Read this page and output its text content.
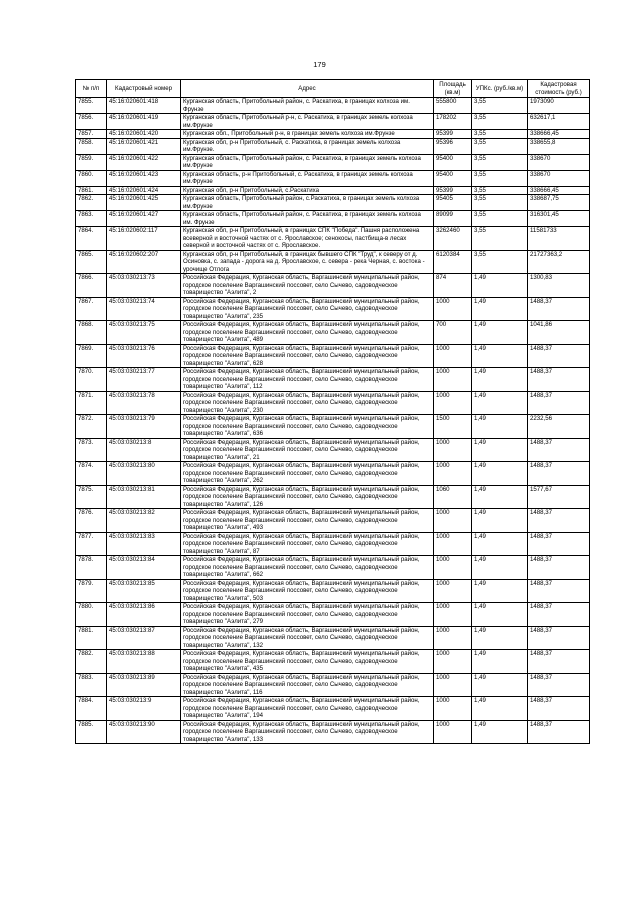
179
№ п/п	Кадастровый номер	Адрес	Площадь (кв.м)	УПКс. (руб./кв.м)	Кадастровая стоимость (руб.)
7855.	45:16:020601:418	Курганская область, Притобольный район, с. Раскатиха, в границах колхоза им. Фрунзе	555800	3,55	1973090
7856.	45:16:020601:419	Курганская область, Притобольный р-н, с. Раскатиха, в границах земель колхоза им.Фрунзе	178202	3,55	632617,1
7857.	45:16:020601:420	Курганская обл., Притобольный р-н, в границах земель колхоза им.Фрунзе	95399	3,55	338666,45
7858.	45:16:020601:421	Курганская обл, р-н Притобольный, с. Раскатиха, в границах земель колхоза им.Фрунзе.	95396	3,55	338655,8
7859.	45:16:020601:422	Курганская область, Притобольный район, с. Раскатиха, в границах земель колхоза им.Фрунзе	95400	3,55	338670
7860.	45:16:020601:423	Курганская область, р-н Притобольный, с. Раскатиха, в границах земель колхоза им.Фрунзе	95400	3,55	338670
7861.	45:16:020601:424	Курганская обл, р-н Притобольный, с.Раскатиха	95399	3,55	338666,45
7862.	45:16:020601:425	Курганская область, Притобольный район, с.Раскатиха, в границах земель колхоза им.Фрунзе	95405	3,55	338687,75
7863.	45:16:020601:427	Курганская область, Притобольный район, с. Раскатиха, в границах земель колхоза им. Фрунзе	89099	3,55	316301,45
7864.	45:16:020602:117	Курганская обл, р-н Притобольный, в границах СПК "Победа". Пашня расположена всеверной и восточной частях от с. Ярославское; сенокосы, пастбища-в лесах северной и восточной частях от с. Ярославское.	3262460	3,55	11581733
7865.	45:16:020602:207	Курганская обл, р-н Притобольный, в границах бывшего СПК "Труд", к северу от д. Осиновка, с. запада - дорога на д. Ярославское, с. севера - река Черная, с. востока - урочище Отлога	6120384	3,55	21727363,2
7866.	45:03:030213:73	Российская Федерация, Курганская область, Варгашинский муниципальный район, городское поселение Варгашинский поссовет, село Сычево, садоводческое товарищество "Аэлита", 2	874	1,49	1300,83
7867.	45:03:030213:74	Российская Федерация, Курганская область, Варгашинский муниципальный район, городское поселение Варгашинский поссовет, село Сычево, садоводческое товарищество "Аэлита", 235	1000	1,49	1488,37
7868.	45:03:030213:75	Российская Федерация, Курганская область, Варгашинский муниципальный район, городское поселение Варгашинский поссовет, село Сычево, садоводческое товарищество "Аэлита", 489	700	1,49	1041,86
7869.	45:03:030213:76	Российская Федерация, Курганская область, Варгашинский муниципальный район, городское поселение Варгашинский поссовет, село Сычево, садоводческое товарищество "Аэлита", 628	1000	1,49	1488,37
7870.	45:03:030213:77	Российская Федерация, Курганская область, Варгашинский муниципальный район, городское поселение Варгашинский поссовет, село Сычево, садоводческое товарищество "Аэлита", 112	1000	1,49	1488,37
7871.	45:03:030213:78	Российская Федерация, Курганская область, Варгашинский муниципальный район, городское поселение Варгашинский поссовет, село Сычево, садоводческое товарищество "Аэлита", 230	1000	1,49	1488,37
7872.	45:03:030213:79	Российская Федерация, Курганская область, Варгашинский муниципальный район, городское поселение Варгашинский поссовет, село Сычево, садоводческое товарищество "Аэлита", 636	1500	1,49	2232,56
7873.	45:03:030213:8	Российская Федерация, Курганская область, Варгашинский муниципальный район, городское поселение Варгашинский поссовет, село Сычево, садоводческое товарищество "Аэлита", 21	1000	1,49	1488,37
7874.	45:03:030213:80	Российская Федерация, Курганская область, Варгашинский муниципальный район, городское поселение Варгашинский поссовет, село Сычево, садоводческое товарищество "Аэлита", 262	1000	1,49	1488,37
7875.	45:03:030213:81	Российская Федерация, Курганская область, Варгашинский муниципальный район, городское поселение Варгашинский поссовет, село Сычево, садоводческое товарищество "Аэлита", 126	1060	1,49	1577,67
7876.	45:03:030213:82	Российская Федерация, Курганская область, Варгашинский муниципальный район, городское поселение Варгашинский поссовет, село Сычево, садоводческое товарищество "Аэлита", 493	1000	1,49	1488,37
7877.	45:03:030213:83	Российская Федерация, Курганская область, Варгашинский муниципальный район, городское поселение Варгашинский поссовет, село Сычево, садоводческое товарищество "Аэлита", 87	1000	1,49	1488,37
7878.	45:03:030213:84	Российская Федерация, Курганская область, Варгашинский муниципальный район, городское поселение Варгашинский поссовет, село Сычево, садоводческое товарищество "Аэлита", 662	1000	1,49	1488,37
7879.	45:03:030213:85	Российская Федерация, Курганская область, Варгашинский муниципальный район, городское поселение Варгашинский поссовет, село Сычево, садоводческое товарищество "Аэлита", 503	1000	1,49	1488,37
7880.	45:03:030213:86	Российская Федерация, Курганская область, Варгашинский муниципальный район, городское поселение Варгашинский поссовет, село Сычево, садоводческое товарищество "Аэлита", 279	1000	1,49	1488,37
7881.	45:03:030213:87	Российская Федерация, Курганская область, Варгашинский муниципальный район, городское поселение Варгашинский поссовет, село Сычево, садоводческое товарищество "Аэлита", 132	1000	1,49	1488,37
7882.	45:03:030213:88	Российская Федерация, Курганская область, Варгашинский муниципальный район, городское поселение Варгашинский поссовет, село Сычево, садоводческое товарищество "Аэлита", 435	1000	1,49	1488,37
7883.	45:03:030213:89	Российская Федерация, Курганская область, Варгашинский муниципальный район, городское поселение Варгашинский поссовет, село Сычево, садоводческое товарищество "Аэлита", 116	1000	1,49	1488,37
7884.	45:03:030213:9	Российская Федерация, Курганская область, Варгашинский муниципальный район, городское поселение Варгашинский поссовет, село Сычево, садоводческое товарищество "Аэлита", 194	1000	1,49	1488,37
7885.	45:03:030213:90	Российская Федерация, Курганская область, Варгашинский муниципальный район, городское поселение Варгашинский поссовет, село Сычево, садоводческое товарищество "Аэлита", 133	1000	1,49	1488,37
